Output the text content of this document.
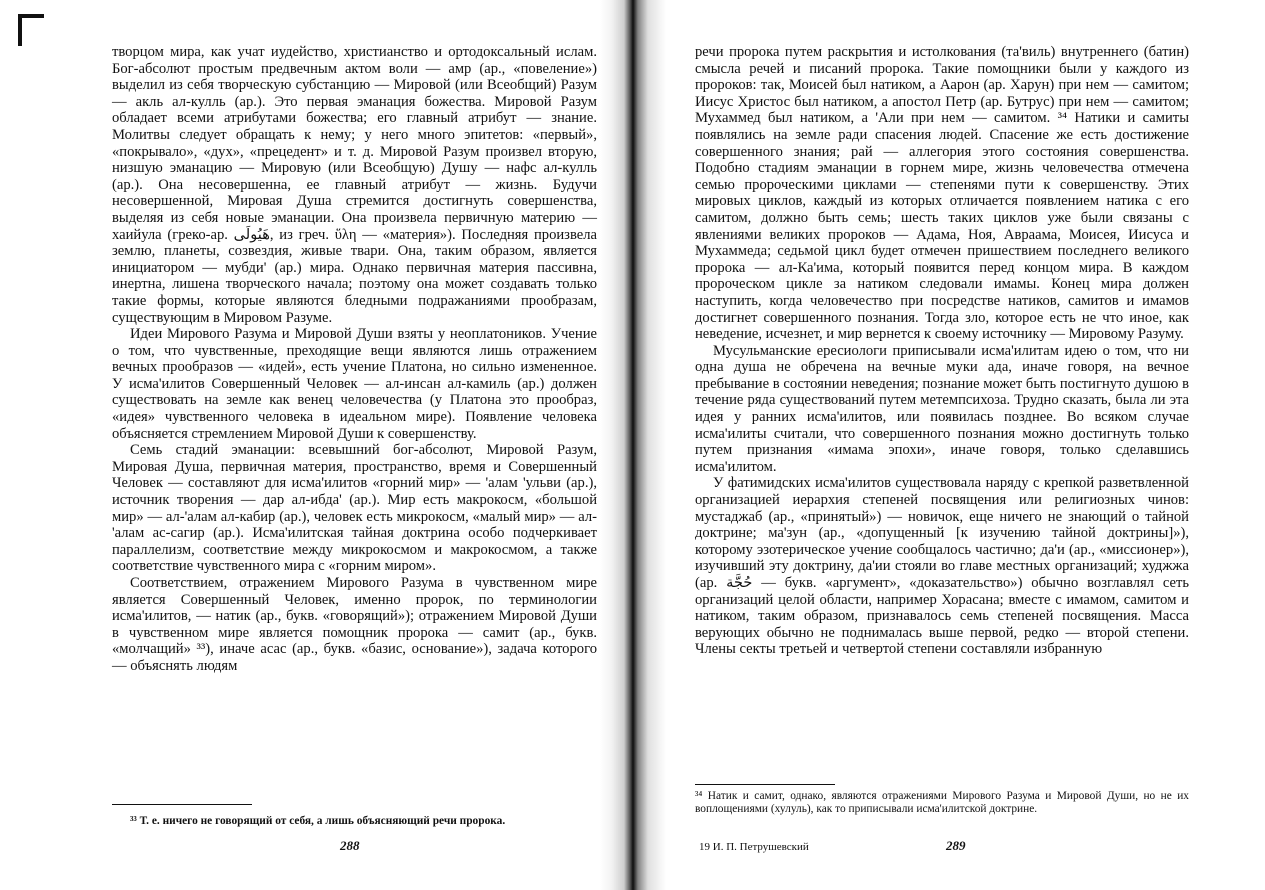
творцом мира, как учат иудейство, христианство и ортодоксальный ислам. Бог-абсолют простым предвечным актом воли — амр (ар., «повеление») выделил из себя творческую субстанцию — Мировой (или Всеобщий) Разум — акль ал-кулль (ар.). Это первая эманация божества. Мировой Разум обладает всеми атрибутами божества; его главный атрибут — знание. Молитвы следует обращать к нему; у него много эпитетов: «первый», «покрывало», «дух», «прецедент» и т. д. Мировой Разум произвел вторую, низшую эманацию — Мировую (или Всеобщую) Душу — нафс ал-кулль (ар.). Она несовершенна, ее главный атрибут — жизнь. Будучи несовершенной, Мировая Душа стремится достигнуть совершенства, выделяя из себя новые эманации. Она произвела первичную материю — хаийула (греко-ар. هَيُولَى, из греч. ὕλη — «материя»). Последняя произвела землю, планеты, созвездия, живые твари. Она, таким образом, является инициатором — мубди' (ар.) мира. Однако первичная материя пассивна, инертна, лишена творческого начала; поэтому она может создавать только такие формы, которые являются бледными подражаниями прообразам, существующим в Мировом Разуме.

Идеи Мирового Разума и Мировой Души взяты у неоплатоников. Учение о том, что чувственные, преходящие вещи являются лишь отражением вечных прообразов — «идей», есть учение Платона, но сильно измененное. У исма'илитов Совершенный Человек — ал-инсан ал-камиль (ар.) должен существовать на земле как венец человечества (у Платона это прообраз, «идея» чувственного человека в идеальном мире). Появление человека объясняется стремлением Мировой Души к совершенству.

Семь стадий эманации: всевышний бог-абсолют, Мировой Разум, Мировая Душа, первичная материя, пространство, время и Совершенный Человек — составляют для исма'илитов «горний мир» — 'алам 'ульви (ар.), источник творения — дар ал-ибда' (ар.). Мир есть макрокосм, «большой мир» — ал-'алам ал-кабир (ар.), человек есть микрокосм, «малый мир» — ал-'алам ас-сагир (ар.). Исма'илитская тайная доктрина особо подчеркивает параллелизм, соответствие между микрокосмом и макрокосмом, а также соответствие чувственного мира с «горним миром».

Соответствием, отражением Мирового Разума в чувственном мире является Совершенный Человек, именно пророк, по терминологии исма'илитов, — натик (ар., букв. «говорящий»); отражением Мировой Души в чувственном мире является помощник пророка — самит (ар., букв. «молчащий» ³³), иначе асас (ар., букв. «базис, основание»), задача которого — объяснять людям

³³ Т. е. ничего не говорящий от себя, а лишь объясняющий речи пророка.
288

речи пророка путем раскрытия и истолкования (та'виль) внутреннего (батин) смысла речей и писаний пророка. Такие помощники были у каждого из пророков: так, Моисей был натиком, а Аарон (ар. Харун) при нем — самитом; Иисус Христос был натиком, а апостол Петр (ар. Бутрус) при нем — самитом; Мухаммед был натиком, а 'Али при нем — самитом. ³⁴ Натики и самиты появлялись на земле ради спасения людей. Спасение же есть достижение совершенного знания; рай — аллегория этого состояния совершенства. Подобно стадиям эманации в горнем мире, жизнь человечества отмечена семью пророческими циклами — степенями пути к совершенству. Этих мировых циклов, каждый из которых отличается появлением натика с его самитом, должно быть семь; шесть таких циклов уже были связаны с явлениями великих пророков — Адама, Ноя, Авраама, Моисея, Иисуса и Мухаммеда; седьмой цикл будет отмечен пришествием последнего великого пророка — ал-Ка'има, который появится перед концом мира. В каждом пророческом цикле за натиком следовали имамы. Конец мира должен наступить, когда человечество при посредстве натиков, самитов и имамов достигнет совершенного познания. Тогда зло, которое есть не что иное, как неведение, исчезнет, и мир вернется к своему источнику — Мировому Разуму.

Мусульманские ересиологи приписывали исма'илитам идею о том, что ни одна душа не обречена на вечные муки ада, иначе говоря, на вечное пребывание в состоянии неведения; познание может быть постигнуто душою в течение ряда существований путем метемпсихоза. Трудно сказать, была ли эта идея у ранних исма'илитов, или появилась позднее. Во всяком случае исма'илиты считали, что совершенного познания можно достигнуть только путем признания «имама эпохи», иначе говоря, только сделавшись исма'илитом.

У фатимидских исма'илитов существовала наряду с крепкой разветвленной организацией иерархия степеней посвящения или религиозных чинов: мустаджаб (ар., «принятый») — новичок, еще ничего не знающий о тайной доктрине; ма'зун (ар., «допущенный [к изучению тайной доктрины]»), которому эзотерическое учение сообщалось частично; да'и (ар., «миссионер»), изучивший эту доктрину, да'ии стояли во главе местных организаций; худжжа (ар. حُجَّة — букв. «аргумент», «доказательство») обычно возглавлял сеть организаций целой области, например Хорасана; вместе с имамом, самитом и натиком, таким образом, признавалось семь степеней посвящения. Масса верующих обычно не поднималась выше первой, редко — второй степени. Члены секты третьей и четвертой степени составляли избранную

³⁴ Натик и самит, однако, являются отражениями Мирового Разума и Мировой Души, но не их воплощениями (хулуль), как то приписывали исма'илитской доктрине.
19 И. П. Петрушевский	289
